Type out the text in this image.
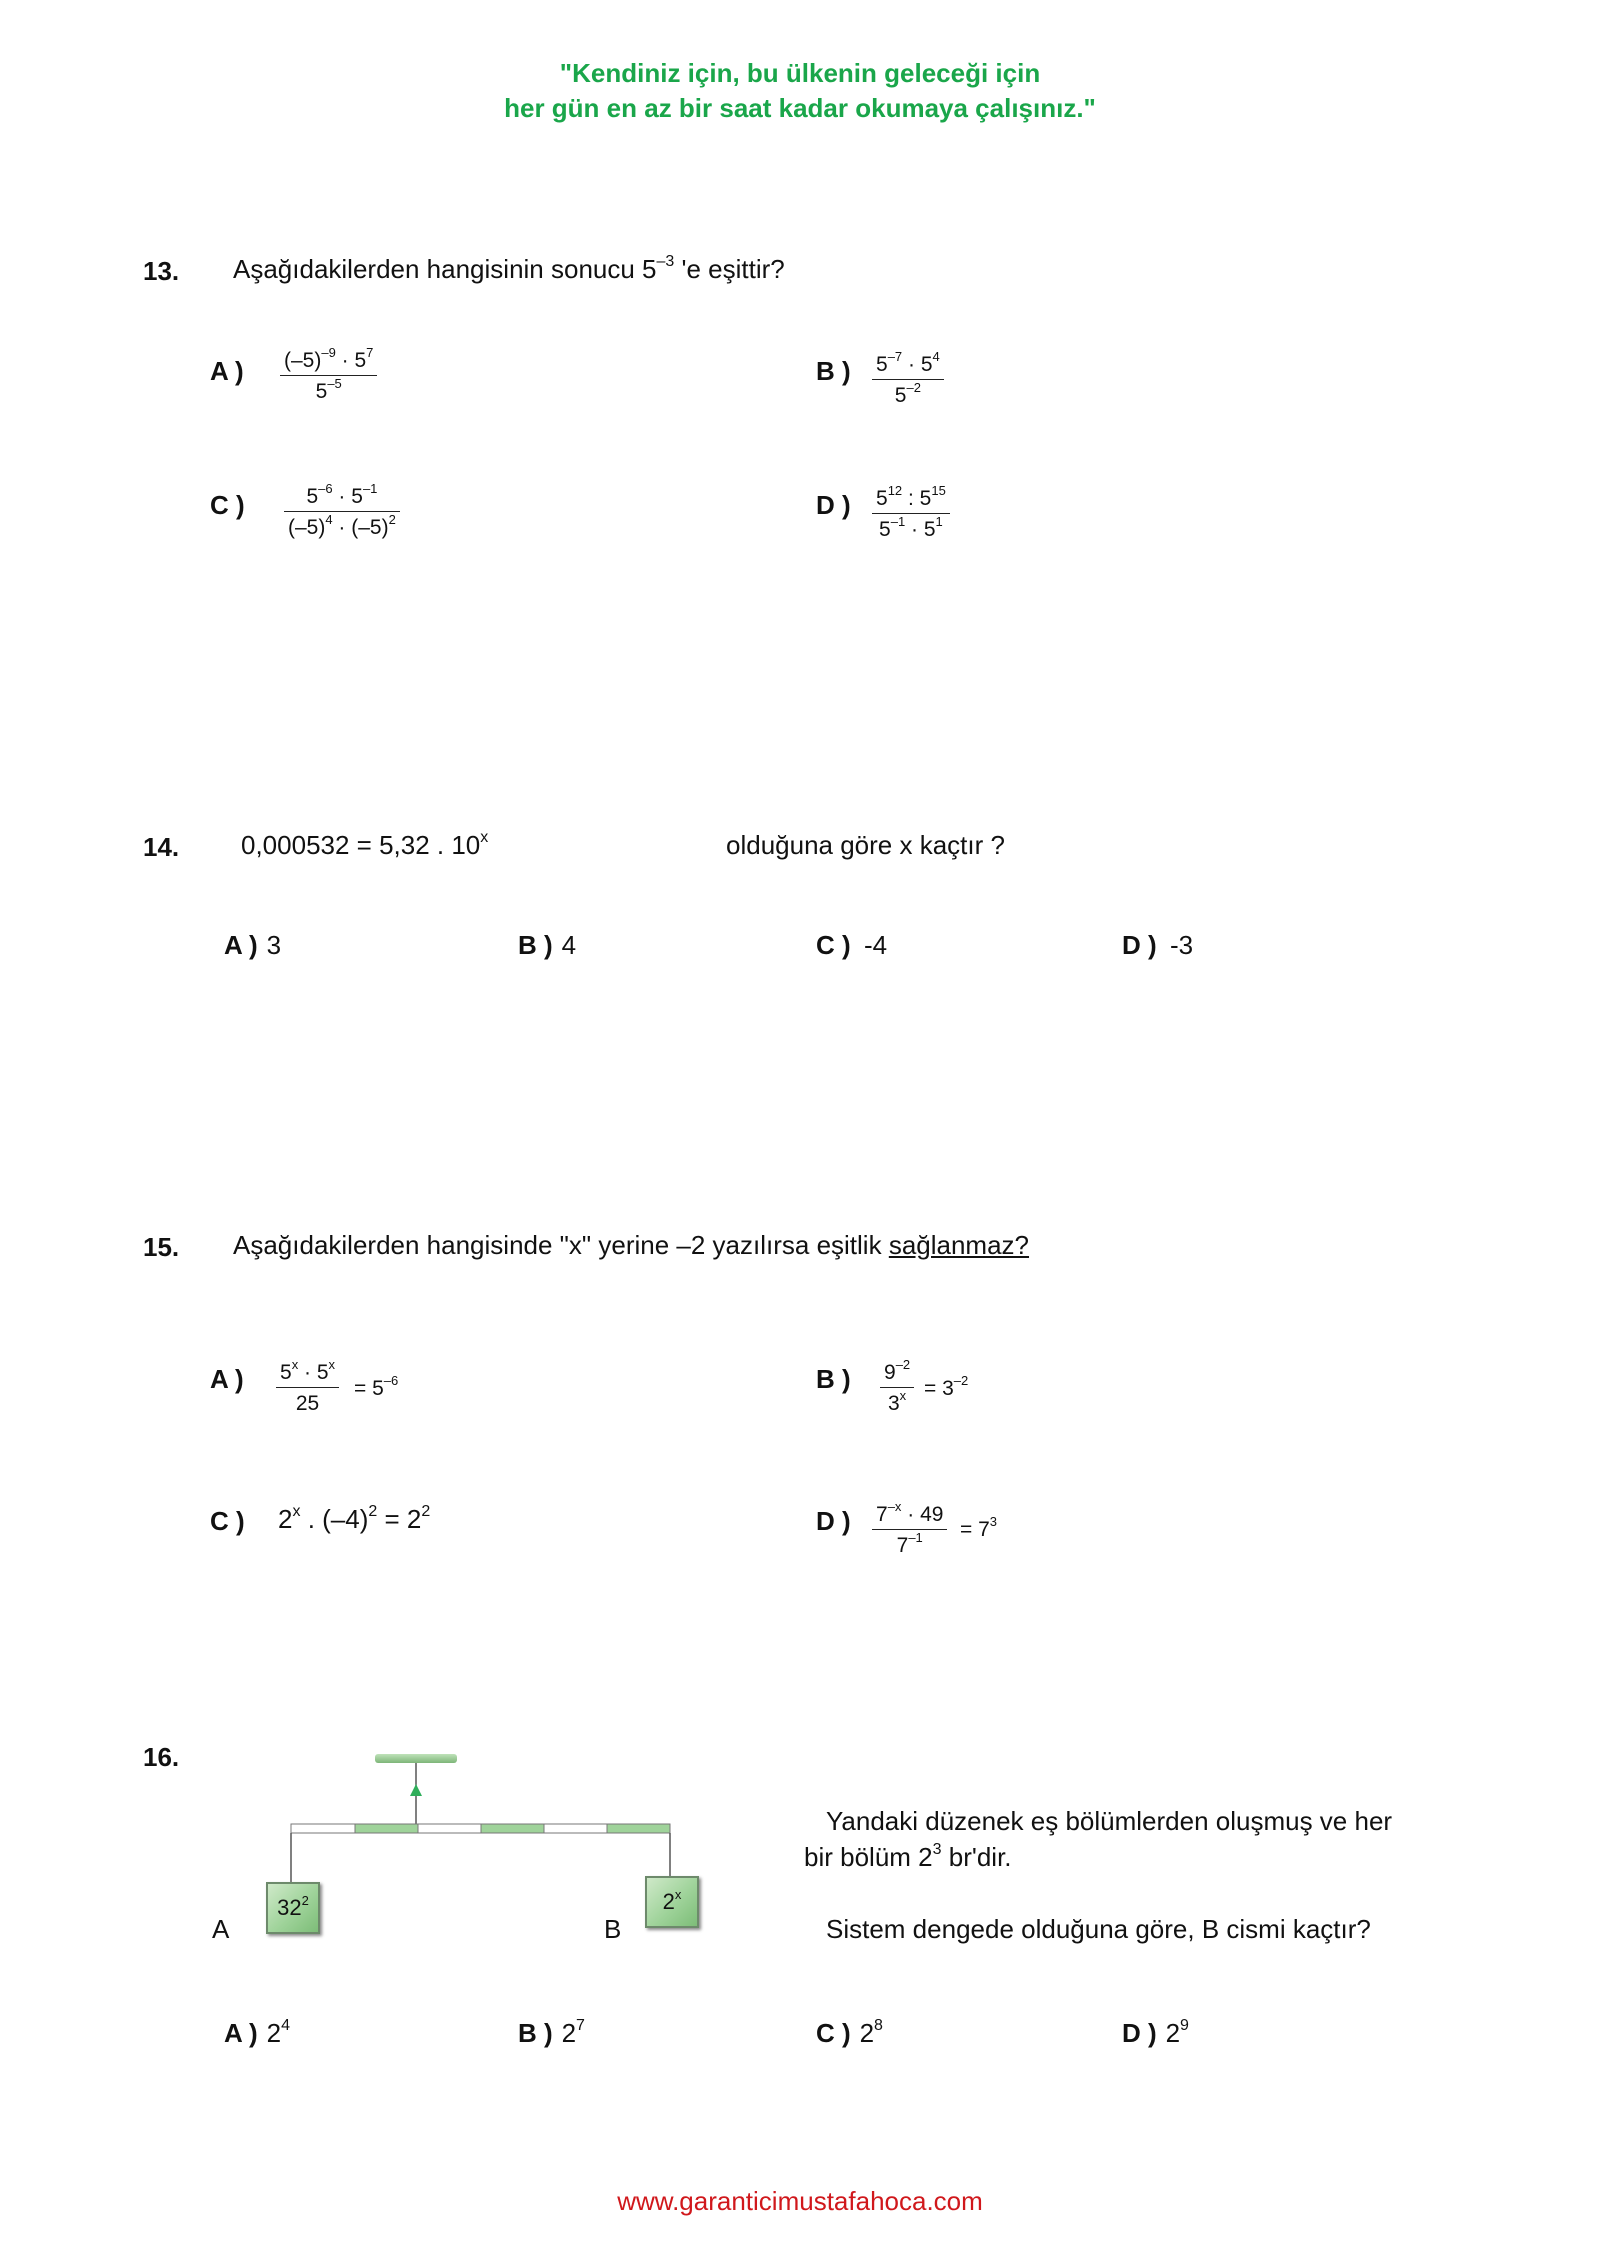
"Kendiniz için, bu ülkenin geleceği için
her gün en az bir saat kadar okumaya çalışınız."
13. Aşağıdakilerden hangisinin sonucu $5^{-3}$ 'e eşittir?
A ) $(-5)^{-9} \cdot 5^7$
$5^{-5}$	B ) $5^{-7} \cdot 5^4$
$5^{-2}$
C )	$5^{-6} \cdot 5^{-1}$
$(-5)^4 \cdot (-5)^2$	D ) $5^{12}$ : $5^{15}$
$5^{-1} \cdot 5^1$
14. 0,000532 = 5,32 . 10$^x$	olduğuna göre x kaçtır ?
A ) 3	B ) 4	C ) -4	D ) -3
15. Aşağıdakilerden hangisinde "x" yerine –2 yazılırsa eşitlik sağlanmaz?
A ) $5^x \cdot 5^x$
25
= $5^{-6}$	B ) $9^{-2}$
$3^x = 3^{-2}$
C ) 2$^x$ . $(-4)^2 = 2^2$	D ) $7^{-x} \cdot 49$
$7^{-1}$	= $7^3$
16.
$32^2$	2$^x$
A	B
Yandaki düzenek eş bölümlerden oluşmuş ve her
bir bölüm $2^3$ br'dir.
Sistem dengede olduğuna göre, B cismi kaçtır?
A ) $2^4$	B ) $2^7$	C ) $2^8$	D ) $2^9$
www.garanticimustafahoca.com
